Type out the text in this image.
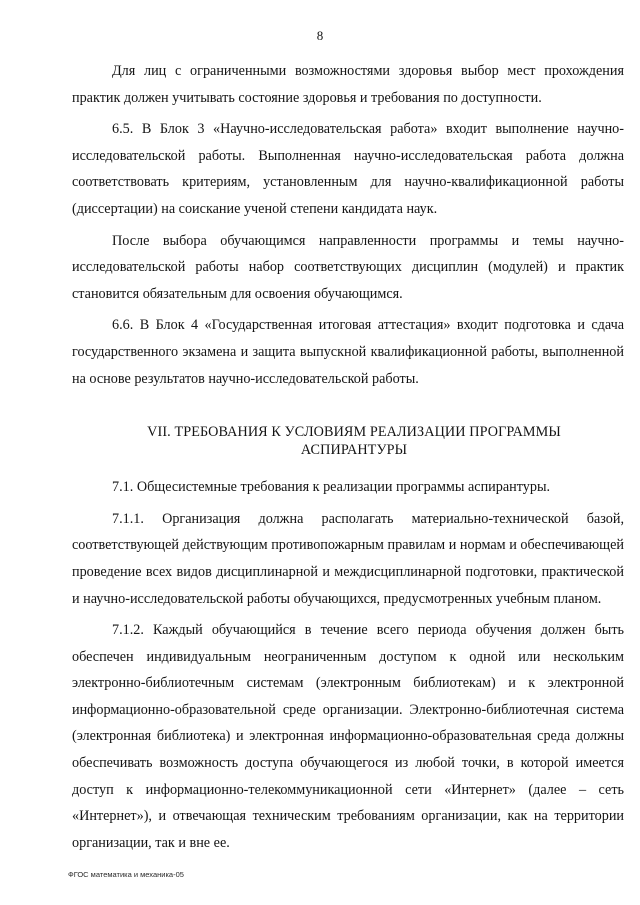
8

Для лиц с ограниченными возможностями здоровья выбор мест прохождения практик должен учитывать состояние здоровья и требования по доступности.

6.5. В Блок 3 «Научно-исследовательская работа» входит выполнение научно-исследовательской работы. Выполненная научно-исследовательская работа должна соответствовать критериям, установленным для научно-квалификационной работы (диссертации) на соискание ученой степени кандидата наук.

После выбора обучающимся направленности программы и темы научно-исследовательской работы набор соответствующих дисциплин (модулей) и практик становится обязательным для освоения обучающимся.

6.6. В Блок 4 «Государственная итоговая аттестация» входит подготовка и сдача государственного экзамена и защита выпускной квалификационной работы, выполненной на основе результатов научно-исследовательской работы.

VII. ТРЕБОВАНИЯ К УСЛОВИЯМ РЕАЛИЗАЦИИ ПРОГРАММЫ
АСПИРАНТУРЫ

7.1. Общесистемные требования к реализации программы аспирантуры.

7.1.1. Организация должна располагать материально-технической базой, соответствующей действующим противопожарным правилам и нормам и обеспечивающей проведение всех видов дисциплинарной и междисциплинарной подготовки, практической и научно-исследовательской работы обучающихся, предусмотренных учебным планом.

7.1.2. Каждый обучающийся в течение всего периода обучения должен быть обеспечен индивидуальным неограниченным доступом к одной или нескольким электронно-библиотечным системам (электронным библиотекам) и к электронной информационно-образовательной среде организации. Электронно-библиотечная система (электронная библиотека) и электронная информационно-образовательная среда должны обеспечивать возможность доступа обучающегося из любой точки, в которой имеется доступ к информационно-телекоммуникационной сети «Интернет» (далее – сеть «Интернет»), и отвечающая техническим требованиям организации, как на территории организации, так и вне ее.

ФГОС математика и механика-05
